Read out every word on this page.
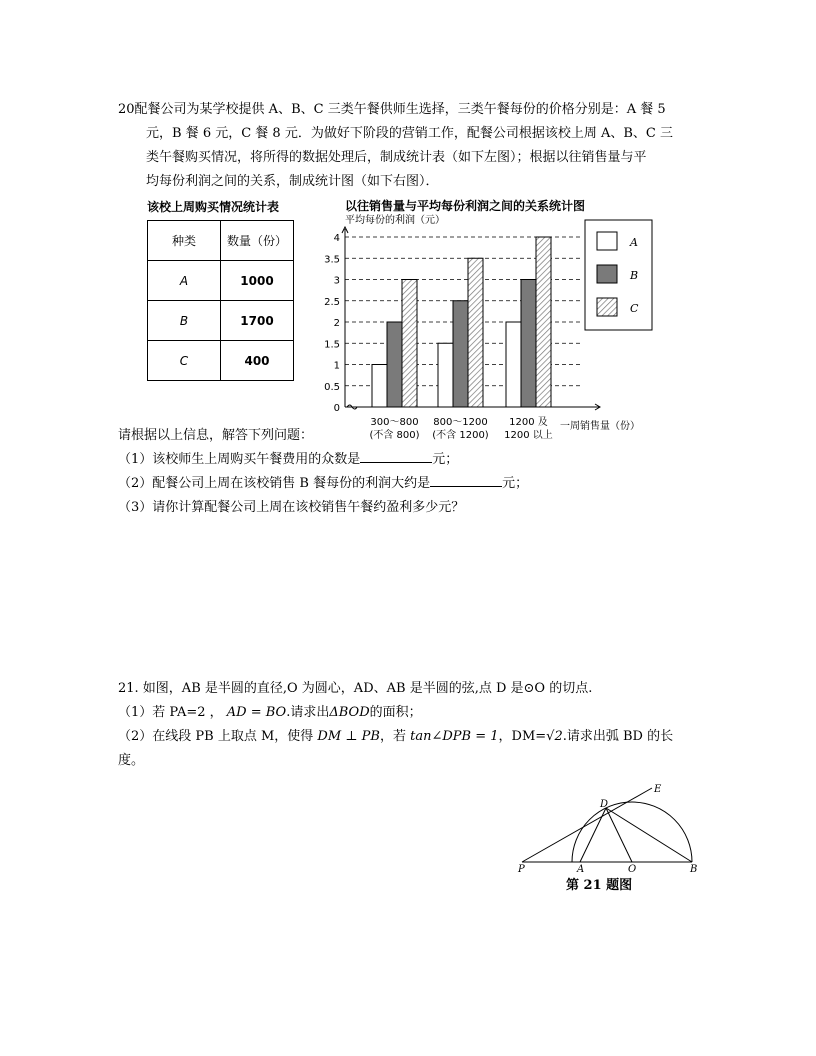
20配餐公司为某学校提供 A、B、C 三类午餐供师生选择，三类午餐每份的价格分别是：A 餐 5
元，B 餐 6 元，C 餐 8 元．为做好下阶段的营销工作，配餐公司根据该校上周 A、B、C 三
类午餐购买情况，将所得的数据处理后，制成统计表（如下左图）；根据以往销售量与平
均每份利润之间的关系，制成统计图（如下右图）．
该校上周购买情况统计表
种类	数量（份）
A	1000
B	1700
C	400
以往销售量与平均每份利润之间的关系统计图
平均每份的利润（元）
0
0.5
1
1.5
2
2.5
3
3.5
4
300～800
(不含 800)
800～1200
(不含 1200)
1200 及
1200 以上
一周销售量（份）
A
B
C
请根据以上信息，解答下列问题：
（1）该校师生上周购买午餐费用的众数是	元；
（2）配餐公司上周在该校销售 B 餐每份的利润大约是	元；
（3）请你计算配餐公司上周在该校销售午餐约盈利多少元？
21. 如图，AB 是半圆的直径,O 为圆心，AD、AB 是半圆的弦,点 D 是⊙O 的切点.
（1）若 PA=2 ， AD = BO.请求出ΔBOD的面积；
（2）在线段 PB 上取点 M，使得 DM ⊥ PB，若 tan∠DPB = 1，DM=√2.请求出弧 BD 的长
度。
D
E
P	A	O	B
第 21 题图
